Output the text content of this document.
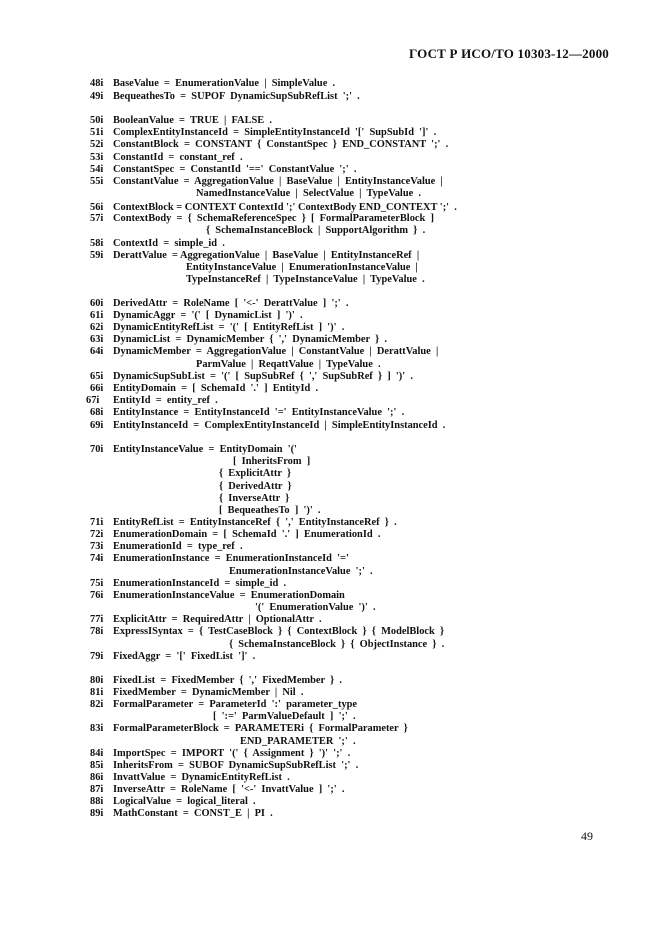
ГОСТ Р ИСО/ТО 10303-12—2000
48i BaseValue  =  EnumerationValue  |  SimpleValue  .
49i BequeathesTo  =  SUPOF  DynamicSupSubRefList  ';'  .
50i BooleanValue  =  TRUE  |  FALSE  .
51i ComplexEntityInstanceId  =  SimpleEntityInstanceId  '['  SupSubId  ']'  .
52i ConstantBlock  =  CONSTANT  {  ConstantSpec  }  END_CONSTANT  ';'  .
53i ConstantId  =  constant_ref  .
54i ConstantSpec  =  ConstantId  '=='  ConstantValue  ';'  .
55i ConstantValue  =  AggregationValue  |  BaseValue  |  EntityInstanceValue  |
NamedInstanceValue  |  SelectValue  |  TypeValue  .
56i ContextBlock = CONTEXT ContextId ';' ContextBody END_CONTEXT ';'  .
57i ContextBody  =  {  SchemaReferenceSpec  }  [  FormalParameterBlock  ]
{  SchemaInstanceBlock  |  SupportAlgorithm  }  .
58i ContextId  =  simple_id  .
59i DerattValue  = AggregationValue  |  BaseValue  |  EntityInstanceRef  |
EntityInstanceValue  |  EnumerationInstanceValue  |
TypeInstanceRef  |  TypeInstanceValue  |  TypeValue  .
60i DerivedAttr  =  RoleName  [  '<-'  DerattValue  ]  ';'  .
61i DynamicAggr  =  '('  [  DynamicList  ]  ')'  .
62i DynamicEntityRefList  =  '('  [  EntityRefList  ]  ')'  .
63i DynamicList  =  DynamicMember  {  ','  DynamicMember  }  .
64i DynamicMember  =  AggregationValue  |  ConstantValue  |  DerattValue  |
ParmValue  |  ReqattValue  |  TypeValue  .
65i DynamicSupSubList  =  '('  [  SupSubRef  {  ','  SupSubRef  }  ]  ')'  .
66i EntityDomain  =  [  SchemaId  '.'  ]  EntityId  .
67i EntityId  =  entity_ref  .
68i EntityInstance  =  EntityInstanceId  '='  EntityInstanceValue  ';'  .
69i EntityInstanceId  =  ComplexEntityInstanceId  |  SimpleEntityInstanceId  .
70i EntityInstanceValue  =  EntityDomain  '('
[  InheritsFrom  ]
{  ExplicitAttr  }
{  DerivedAttr  }
{  InverseAttr  }
[  BequeathesTo  ]  ')'  .
71i EntityRefList  =  EntityInstanceRef  {  ','  EntityInstanceRef  }  .
72i EnumerationDomain  =  [  SchemaId  '.'  ]  EnumerationId  .
73i EnumerationId  =  type_ref  .
74i EnumerationInstance  =  EnumerationInstanceId  '='
EnumerationInstanceValue  ';'  .
75i EnumerationInstanceId  =  simple_id  .
76i EnumerationInstanceValue  =  EnumerationDomain
'('  EnumerationValue  ')'  .
77i ExplicitAttr  =  RequiredAttr  |  OptionalAttr  .
78i ExpressISyntax  =  {  TestCaseBlock  }  {  ContextBlock  }  {  ModelBlock  }
{  SchemaInstanceBlock  }  {  ObjectInstance  }  .
79i FixedAggr  =  '['  FixedList  ']'  .
80i FixedList  =  FixedMember  {  ','  FixedMember  }  .
81i FixedMember  =  DynamicMember  |  Nil  .
82i FormalParameter  =  ParameterId  ':'  parameter_type
[  ':='  ParmValueDefault  ]  ';'  .
83i FormalParameterBlock  =  PARAMETERi  {  FormalParameter  }
END_PARAMETER  ';'  .
84i ImportSpec  =  IMPORT  '('  {  Assignment  }  ')'  ';'  .
85i InheritsFrom  =  SUBOF  DynamicSupSubRefList  ';'  .
86i InvattValue  =  DynamicEntityRefList  .
87i InverseAttr  =  RoleName  [  '<-'  InvattValue  ]  ';'  .
88i LogicalValue  =  logical_literal  .
89i MathConstant  =  CONST_E  |  PI  .
49
